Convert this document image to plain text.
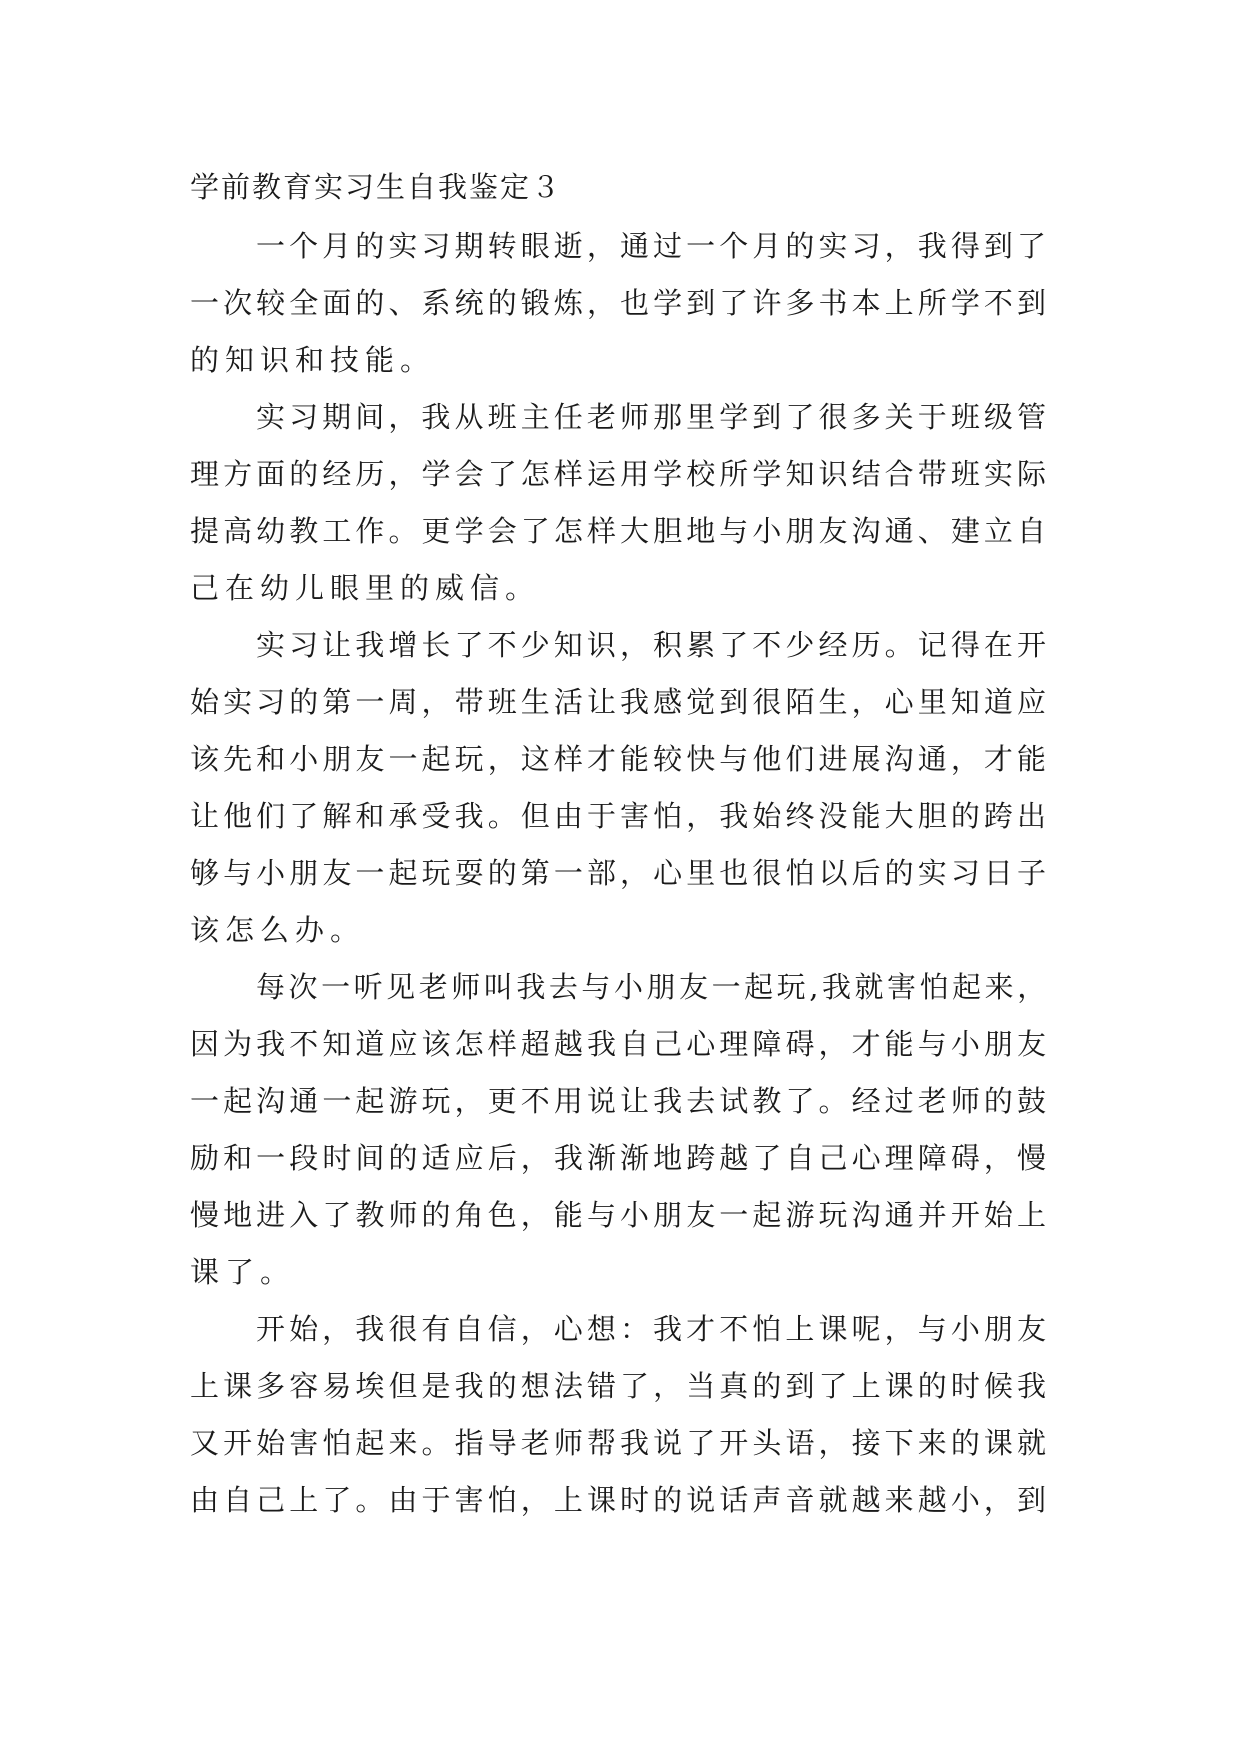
学前教育实习生自我鉴定３
一个月的实习期转眼逝，通过一个月的实习，我得到了
一次较全面的、系统的锻炼，也学到了许多书本上所学不到
的知识和技能。
实习期间，我从班主任老师那里学到了很多关于班级管
理方面的经历，学会了怎样运用学校所学知识结合带班实际
提高幼教工作。更学会了怎样大胆地与小朋友沟通、建立自
己在幼儿眼里的威信。
实习让我增长了不少知识，积累了不少经历。记得在开
始实习的第一周，带班生活让我感觉到很陌生，心里知道应
该先和小朋友一起玩，这样才能较快与他们进展沟通，才能
让他们了解和承受我。但由于害怕，我始终没能大胆的跨出
够与小朋友一起玩耍的第一部，心里也很怕以后的实习日子
该怎么办。
每次一听见老师叫我去与小朋友一起玩,我就害怕起来，
因为我不知道应该怎样超越我自己心理障碍，才能与小朋友
一起沟通一起游玩，更不用说让我去试教了。经过老师的鼓
励和一段时间的适应后，我渐渐地跨越了自己心理障碍，慢
慢地进入了教师的角色，能与小朋友一起游玩沟通并开始上
课了。
开始，我很有自信，心想：我才不怕上课呢，与小朋友
上课多容易埃但是我的想法错了，当真的到了上课的时候我
又开始害怕起来。指导老师帮我说了开头语，接下来的课就
由自己上了。由于害怕，上课时的说话声音就越来越小，到
